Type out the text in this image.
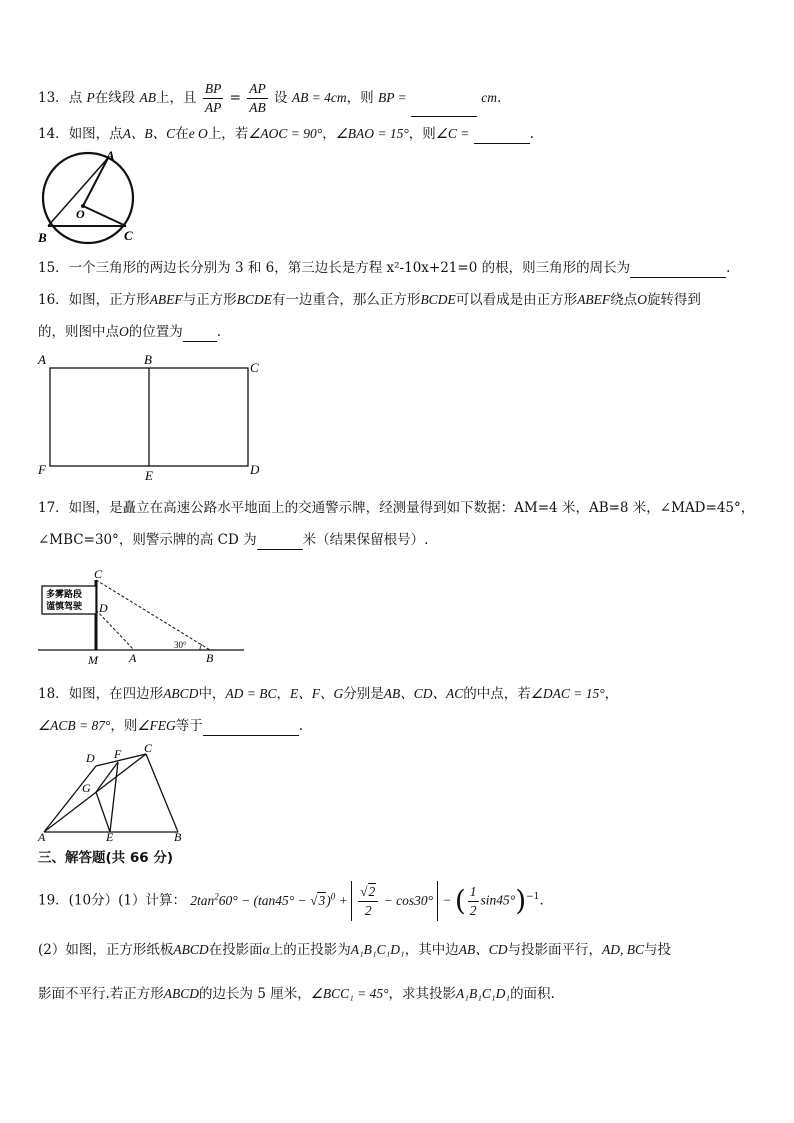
13．点 P在线段 AB上，且 $\frac{BP}{AP} = \frac{AP}{AB}$ 设 AB = 4cm，则 BP =	cm.
14．如图，点A、B、C在e O上，若∠AOC = 90°，∠BAO = 15°，则∠C =	.
A
O
B	C
15．一个三角形的两边长分别为 3 和 6，第三边长是方程 x²-10x+21=0 的根，则三角形的周长为	.
16．如图，正方形ABEF与正方形BCDE有一边重合，那么正方形BCDE可以看成是由正方形ABEF绕点O旋转得到
的，则图中点O的位置为	.
A	B
C
F	E	D
17．如图，是矗立在高速公路水平地面上的交通警示牌，经测量得到如下数据：AM=4 米，AB=8 米，∠MAD=45°，
∠MBC=30°，则警示牌的高 CD 为	米（结果保留根号）.
多雾路段
谨慎驾驶
C
D
M	A	B
30°
18．如图，在四边形ABCD中，AD = BC，E、F、G分别是AB、CD、AC的中点，若∠DAC = 15°，
∠ACB = 87°，则∠FEG等于	.
D F C
G
A	E	B
三、解答题(共 66 分)
19．(10分）(1）计算： $2\tan^260^\circ - (\tan 45^\circ - √3)^0 + \frac{√2}{2} - \cos 30^\circ$ − ( $\frac{1}{2} \sin 45^\circ)^{-1}$.
(2）如图，正方形纸板ABCD在投影面α上的正投影为A₁B₁C₁D₁，其中边AB、CD与投影面平行，AD, BC与投
影面不平行.若正方形ABCD的边长为 5 厘米，∠BCC₁ = 45°，求其投影A₁B₁C₁D₁的面积.
